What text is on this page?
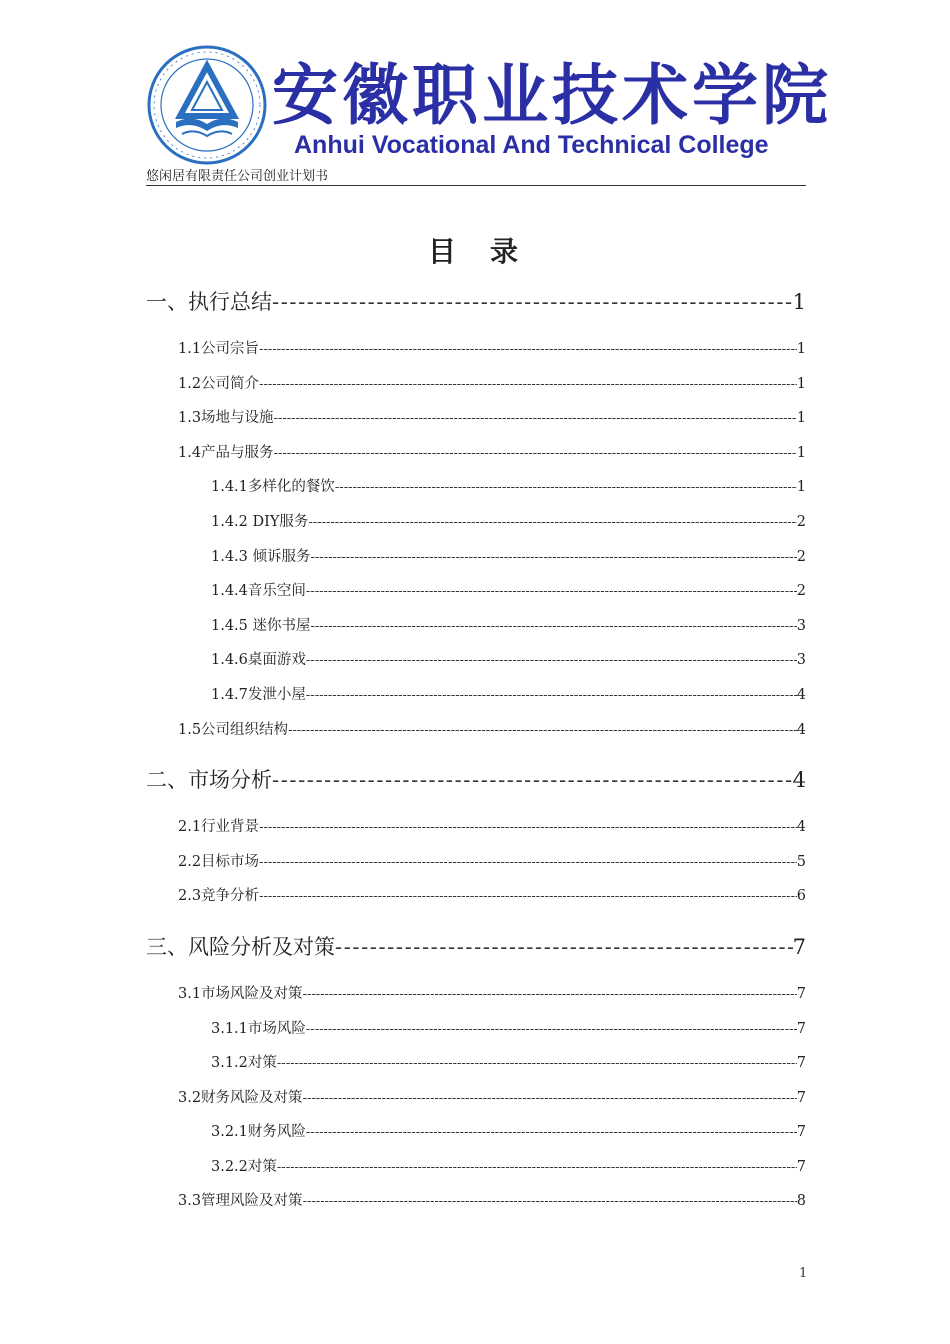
安徽职业技术学院
Anhui Vocational And Technical College
悠闲居有限责任公司创业计划书
目录
一、执行总结 -----	1
1.1公司宗旨 -----	1
1.2公司简介 -----	1
1.3场地与设施 -----	1
1.4产品与服务 -----	1
1.4.1多样化的餐饮 -----	1
1.4.2 DIY服务 -----	2
1.4.3 倾诉服务 -----	2
1.4.4音乐空间 -----	2
1.4.5 迷你书屋 -----	3
1.4.6桌面游戏 -----	3
1.4.7发泄小屋 -----	4
1.5公司组织结构 -----	4
二、市场分析 -----	4
2.1行业背景 -----	4
2.2目标市场 -----	5
2.3竞争分析 -----	6
三、风险分析及对策 -----	7
3.1市场风险及对策 -----	7
3.1.1市场风险 -----	7
3.1.2对策 -----	7
3.2财务风险及对策 -----	7
3.2.1财务风险 -----	7
3.2.2对策 -----	7
3.3管理风险及对策 -----	8
1
